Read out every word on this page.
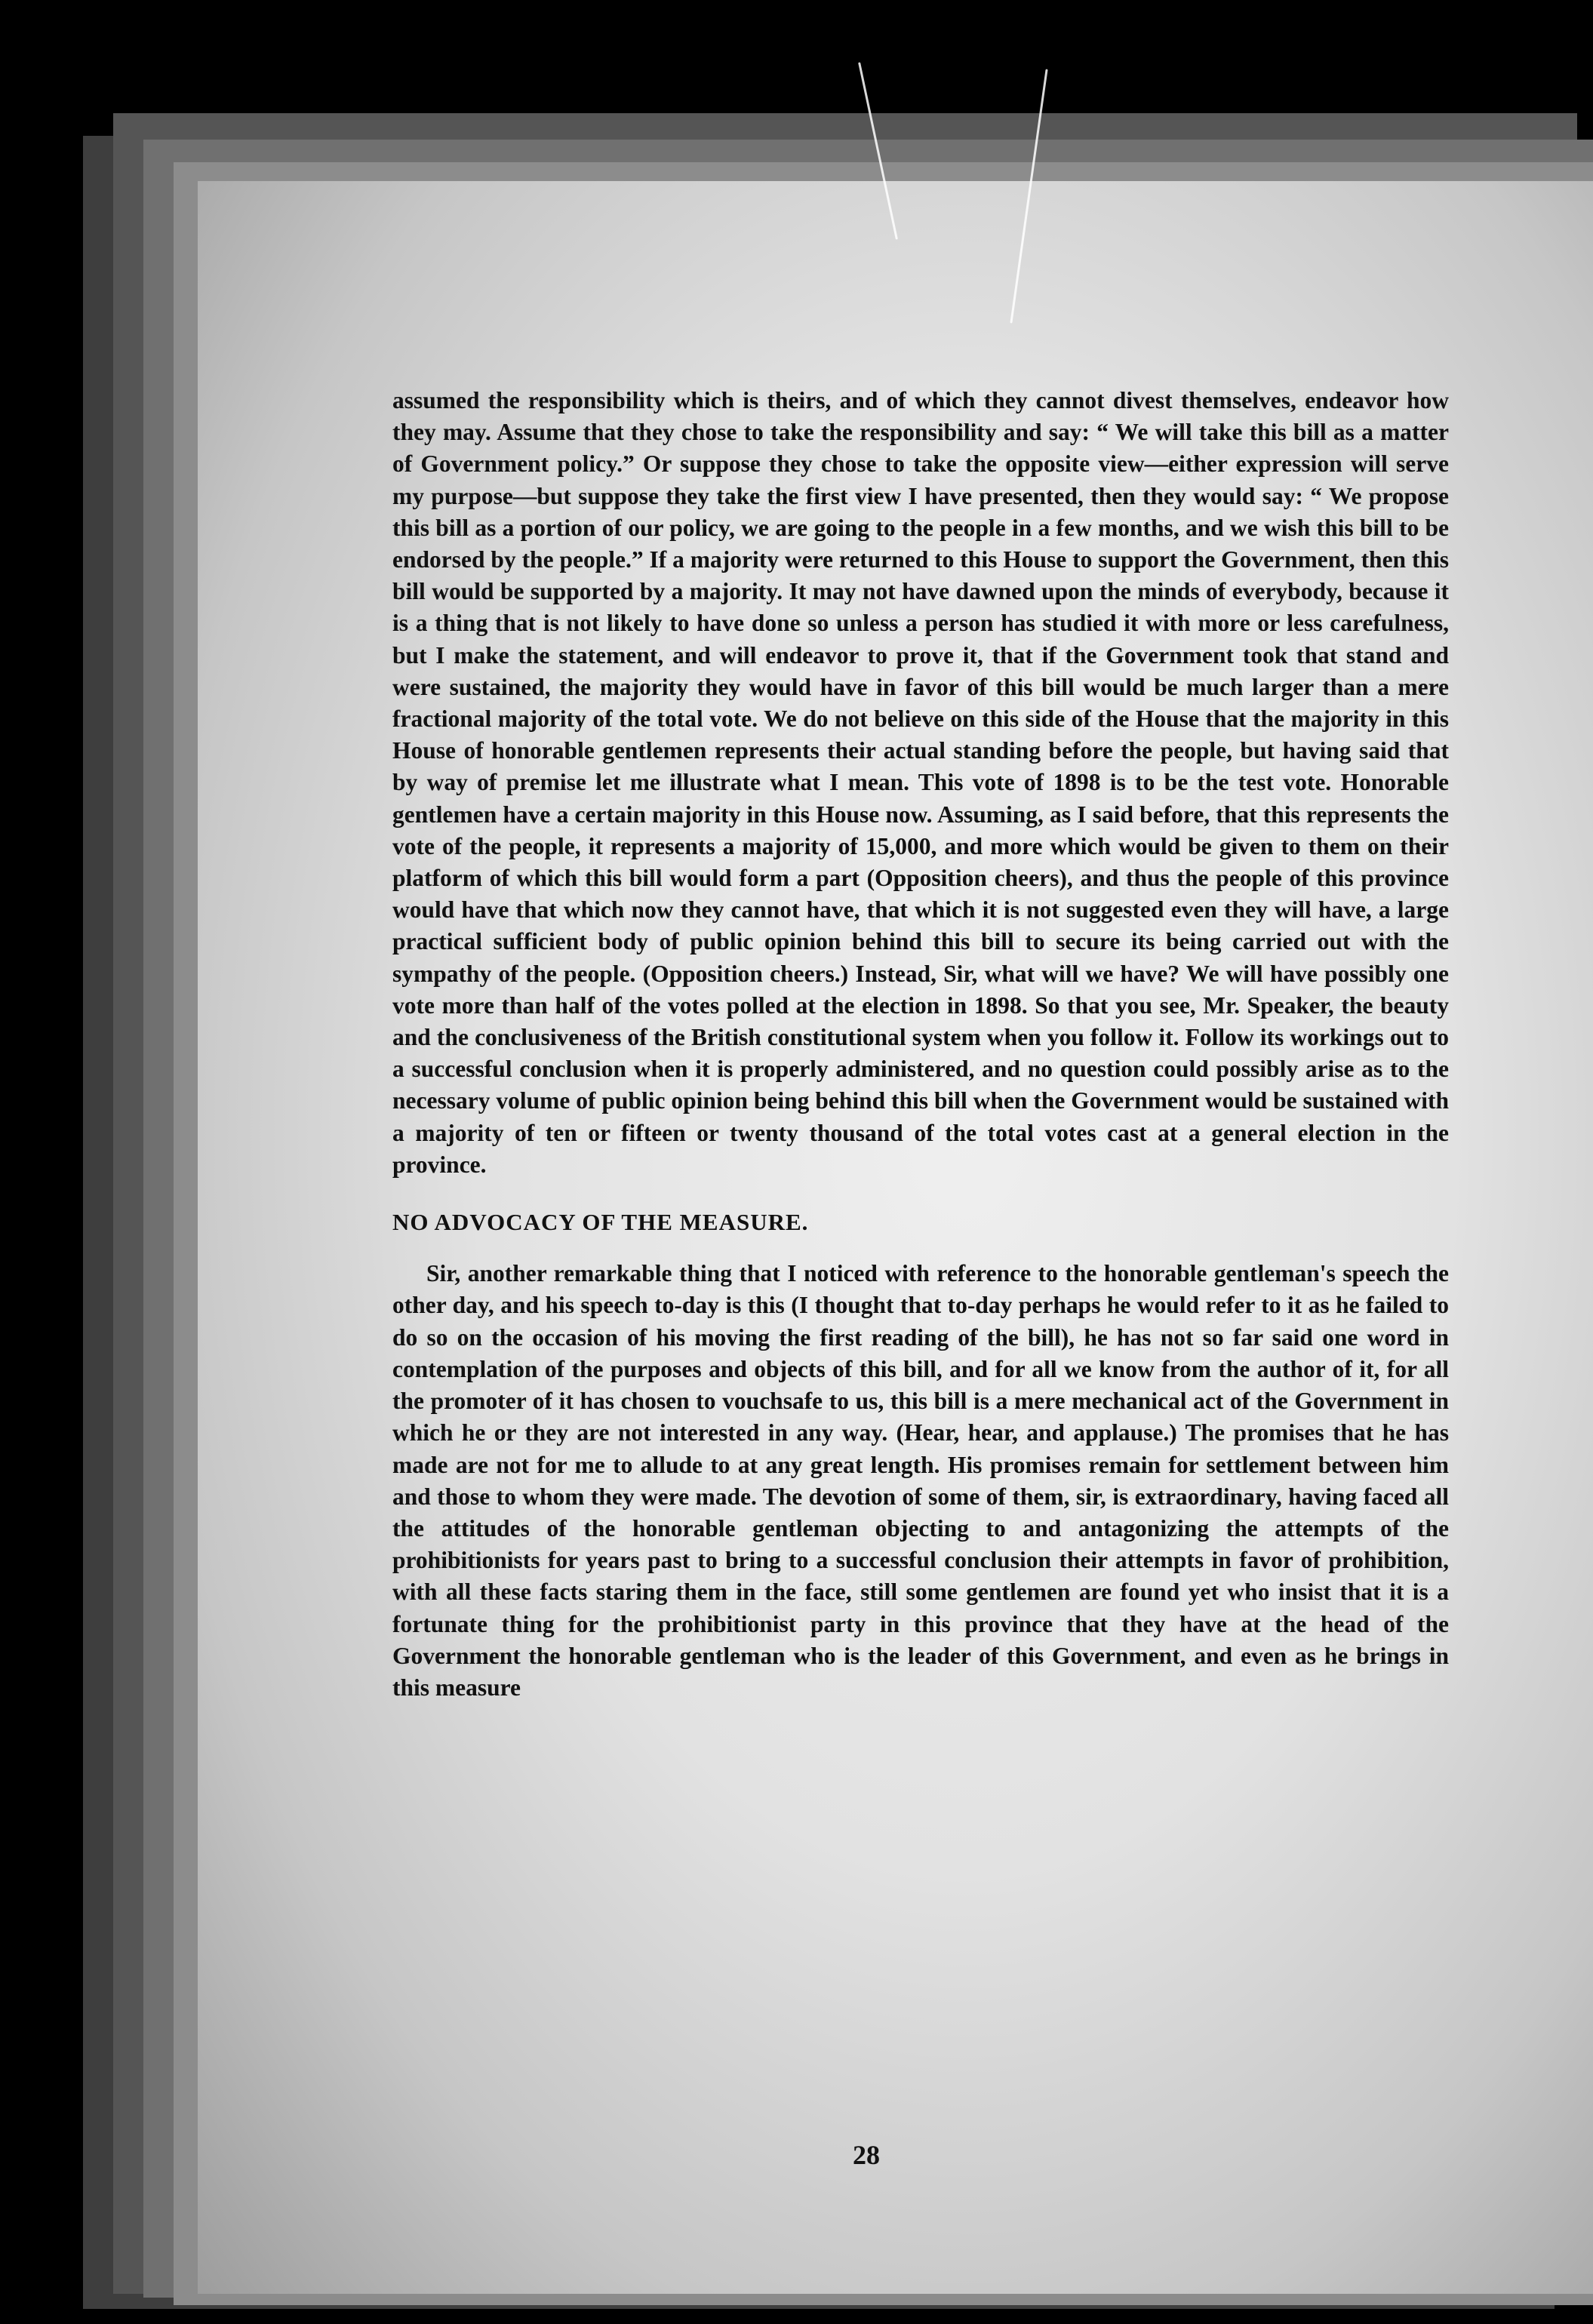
assumed the responsibility which is theirs, and of which they cannot divest themselves, endeavor how they may. Assume that they chose to take the responsibility and say: “ We will take this bill as a matter of Government policy.” Or suppose they chose to take the opposite view—either expression will serve my purpose—but suppose they take the first view I have presented, then they would say: “ We propose this bill as a portion of our policy, we are going to the people in a few months, and we wish this bill to be endorsed by the people.” If a majority were returned to this House to support the Government, then this bill would be supported by a majority. It may not have dawned upon the minds of everybody, because it is a thing that is not likely to have done so unless a person has studied it with more or less carefulness, but I make the statement, and will endeavor to prove it, that if the Government took that stand and were sustained, the majority they would have in favor of this bill would be much larger than a mere fractional majority of the total vote. We do not believe on this side of the House that the majority in this House of honorable gentlemen represents their actual standing before the people, but having said that by way of premise let me illustrate what I mean. This vote of 1898 is to be the test vote. Honorable gentlemen have a certain majority in this House now. Assuming, as I said before, that this represents the vote of the people, it represents a majority of 15,000, and more which would be given to them on their platform of which this bill would form a part (Opposition cheers), and thus the people of this province would have that which now they cannot have, that which it is not suggested even they will have, a large practical sufficient body of public opinion behind this bill to secure its being carried out with the sympathy of the people. (Opposition cheers.) Instead, Sir, what will we have? We will have possibly one vote more than half of the votes polled at the election in 1898. So that you see, Mr. Speaker, the beauty and the conclusiveness of the British constitutional system when you follow it. Follow its workings out to a successful conclusion when it is properly administered, and no question could possibly arise as to the necessary volume of public opinion being behind this bill when the Government would be sustained with a majority of ten or fifteen or twenty thousand of the total votes cast at a general election in the province.

NO ADVOCACY OF THE MEASURE.

Sir, another remarkable thing that I noticed with reference to the honorable gentleman's speech the other day, and his speech to-day is this (I thought that to-day perhaps he would refer to it as he failed to do so on the occasion of his moving the first reading of the bill), he has not so far said one word in contemplation of the purposes and objects of this bill, and for all we know from the author of it, for all the promoter of it has chosen to vouchsafe to us, this bill is a mere mechanical act of the Government in which he or they are not interested in any way. (Hear, hear, and applause.) The promises that he has made are not for me to allude to at any great length. His promises remain for settlement between him and those to whom they were made. The devotion of some of them, sir, is extraordinary, having faced all the attitudes of the honorable gentleman objecting to and antagonizing the attempts of the prohibitionists for years past to bring to a successful conclusion their attempts in favor of prohibition, with all these facts staring them in the face, still some gentlemen are found yet who insist that it is a fortunate thing for the prohibitionist party in this province that they have at the head of the Government the honorable gentleman who is the leader of this Government, and even as he brings in this measure

28
